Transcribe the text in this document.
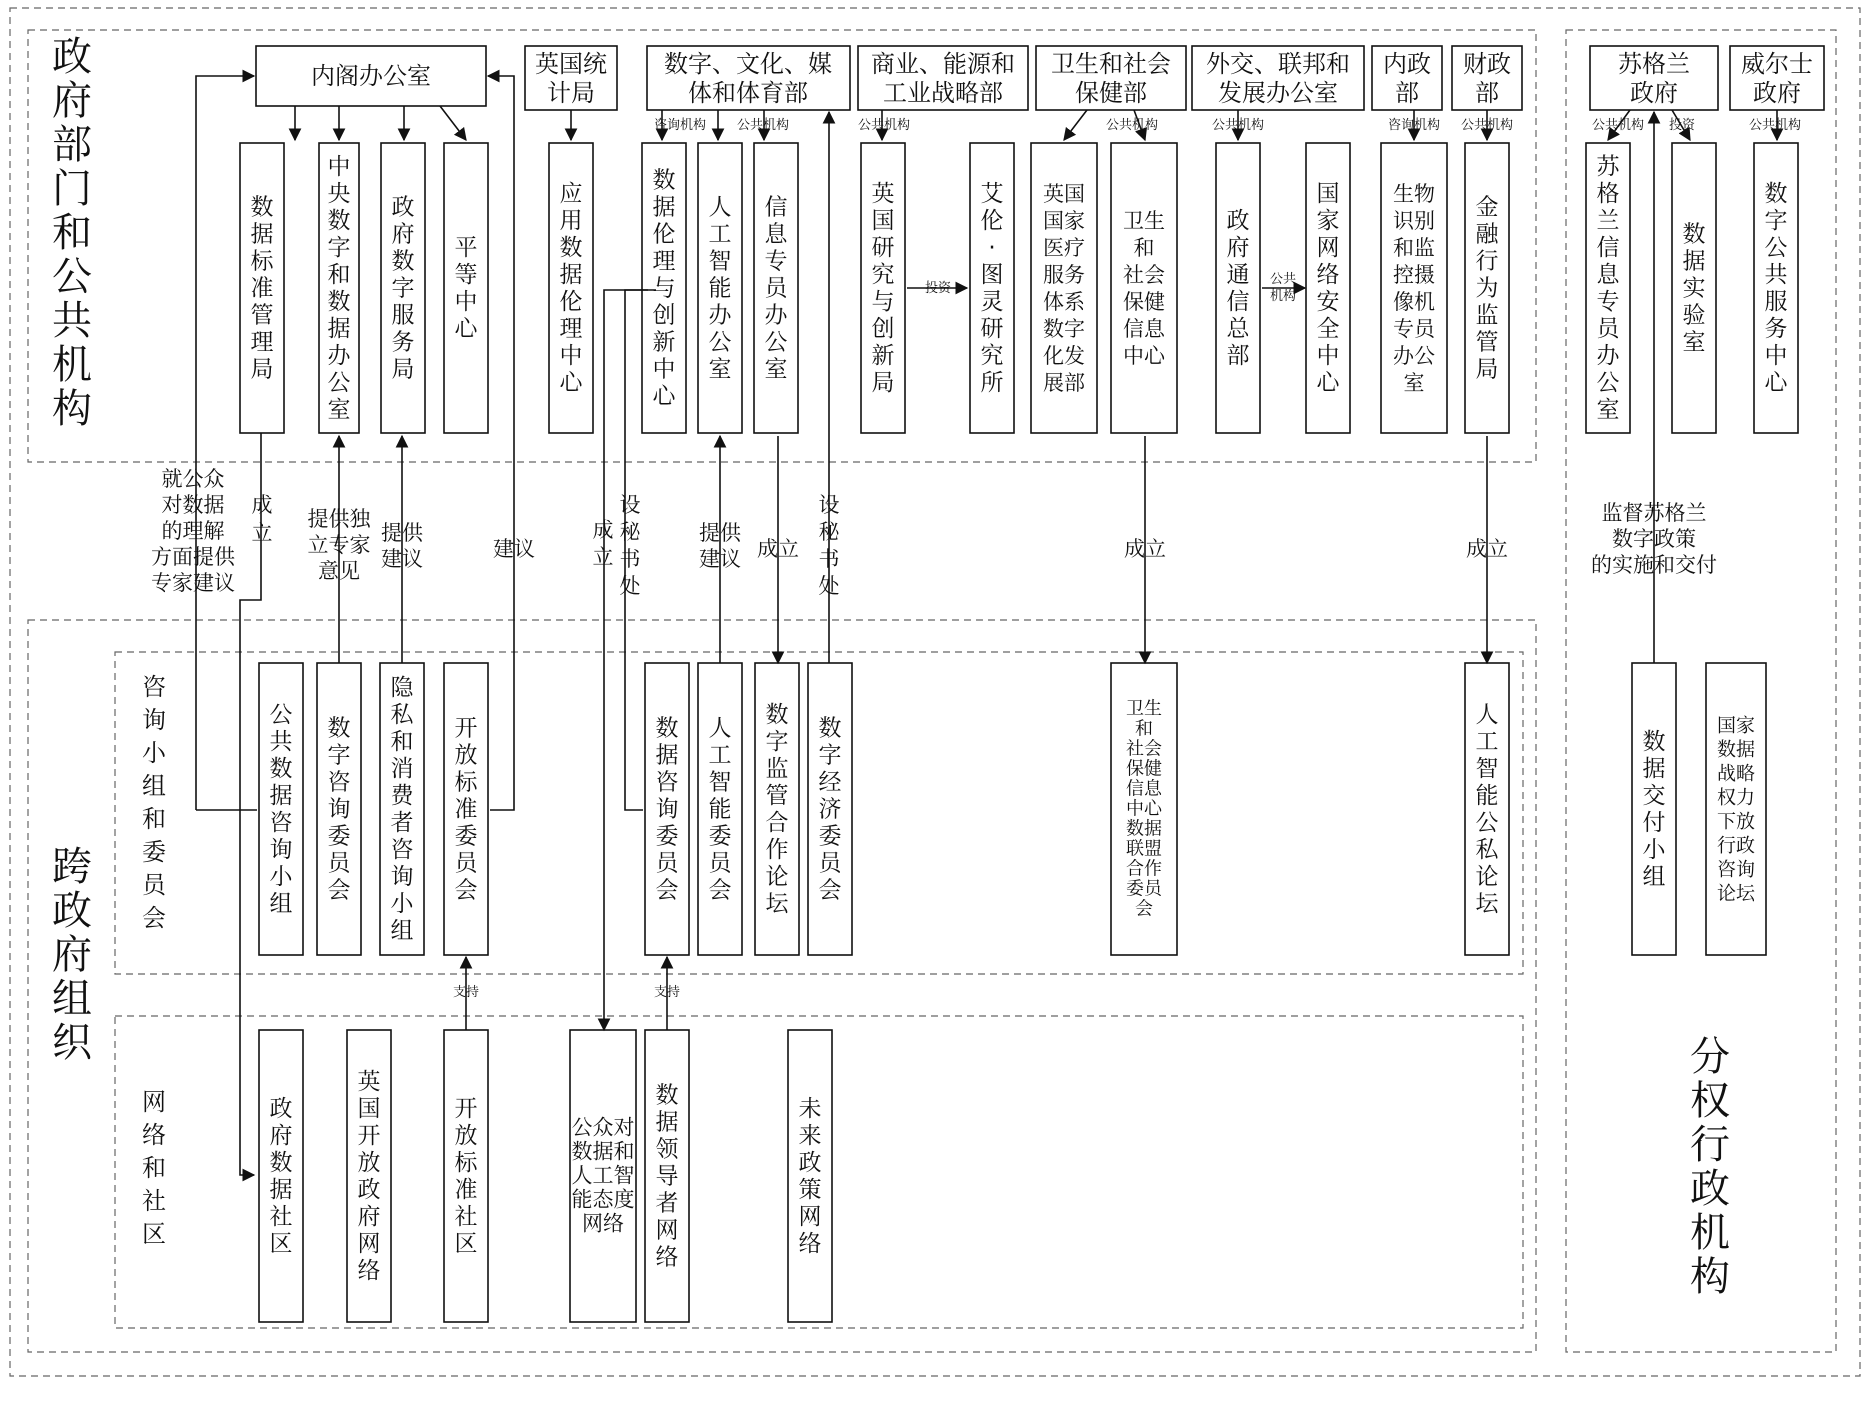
政府部门和公共机构
跨政府组织	分权行政机构
咨询小组和委员会
网络和社区
内阁办公室	英国统
计局
数字、文化、媒
体和体育部
商业、能源和
工业战略部
卫生和社会
保健部
外交、联邦和
发展办公室
内政
部
财政
部
苏格兰
政府
威尔士
政府
数据标准管理局
中央数字和数据办公室
政府数字服务局
平等中心
应用数据伦理中心
数据伦理与创新中心
人工智能办公室
信息专员办公室
英国研究与创新局
艾伦·图灵研究所
英国国家医疗服务体系数字化发展部
卫生和社会保健信息中心
政府通信总部
国家网络安全中心
生物识别和监控摄像机专员办公室
金融行为监管局
苏格兰信息专员办公室
数据实验室
数字公共服务中心
公共数据咨询小组
数字咨询委员会
隐私和消费者咨询小组
开放标准委员会
数据咨询委员会
人工智能委员会
数字监管合作论坛
数字经济委员会
卫生和社会保健信息中心数据联盟合作委员会
人工智能公私论坛
数据交付小组
国家数据战略权力下放行政咨询论坛
政府数据社区
英国开放政府网络
开放标准社区
公众对数据和人工智能态度网络
数据领导者网络
未来政策网络
咨询机构 公共机构	公共机构	公共机构	公共机构	咨询机构 公共机构	公共机构 投资	公共机构
投资
公共
机构
支持	支持
就公众
对数据
的理解
方面提供
专家建议
成
立
提供独
立专家
意见
提供
建议	建议
成
立
设
秘
书
处
提供
建议 成立
设
秘
书
处
成立	成立
监督苏格兰
数字政策
的实施和交付
